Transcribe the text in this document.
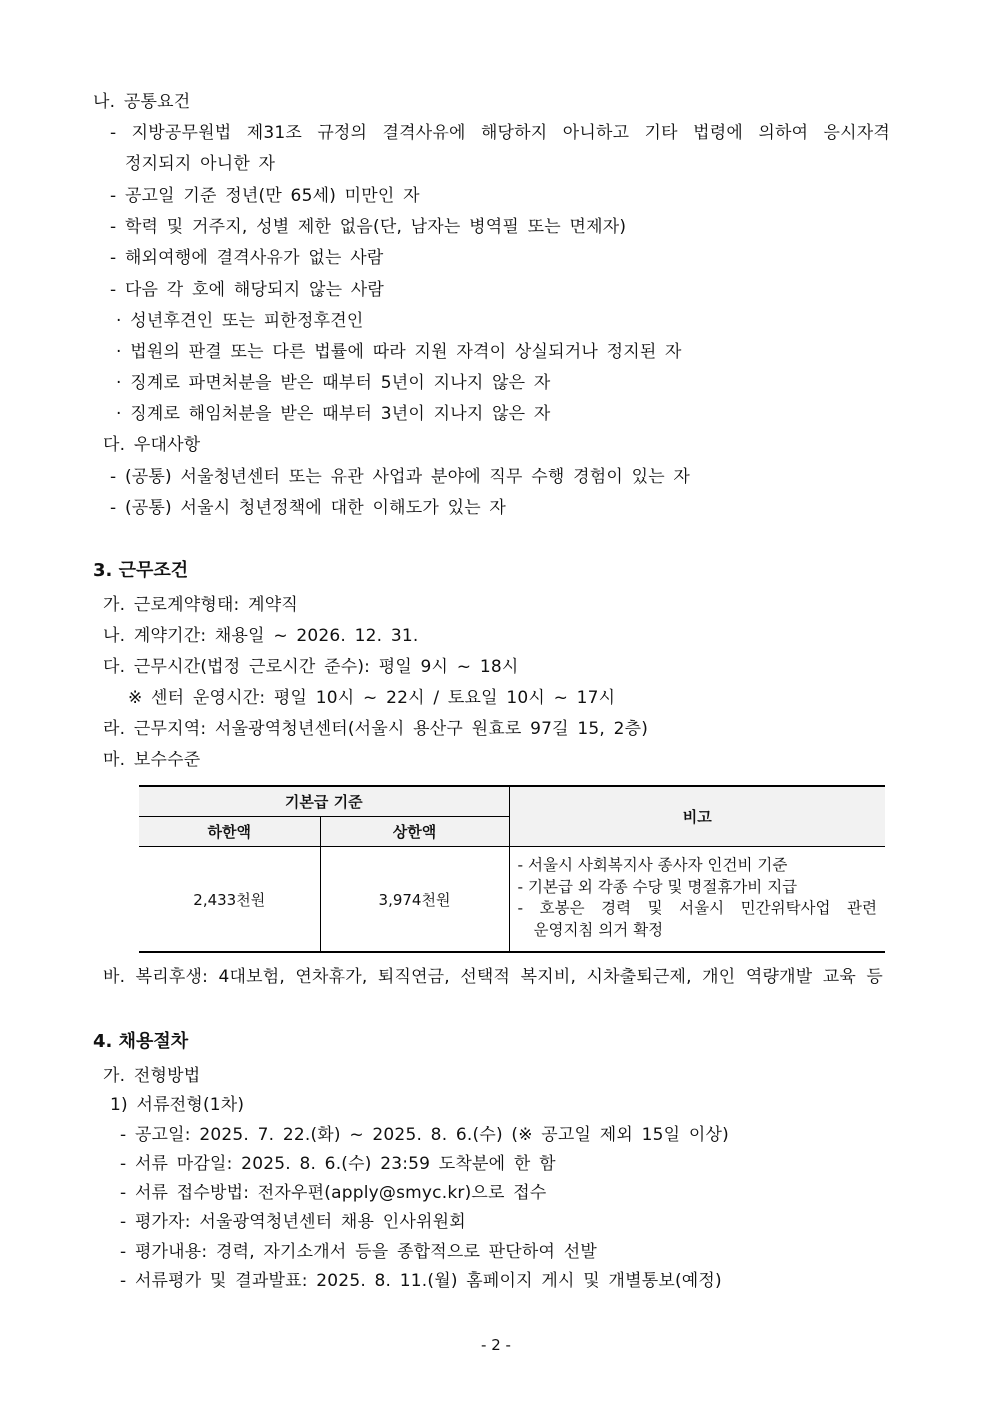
나. 공통요건
- 지방공무원법 제31조 규정의 결격사유에 해당하지 아니하고 기타 법령에 의하여 응시자격
정지되지 아니한 자
- 공고일 기준 정년(만 65세) 미만인 자
- 학력 및 거주지, 성별 제한 없음(단, 남자는 병역필 또는 면제자)
- 해외여행에 결격사유가 없는 사람
- 다음 각 호에 해당되지 않는 사람
· 성년후견인 또는 피한정후견인
· 법원의 판결 또는 다른 법률에 따라 지원 자격이 상실되거나 정지된 자
· 징계로 파면처분을 받은 때부터 5년이 지나지 않은 자
· 징계로 해임처분을 받은 때부터 3년이 지나지 않은 자
다. 우대사항
- (공통) 서울청년센터 또는 유관 사업과 분야에 직무 수행 경험이 있는 자
- (공통) 서울시 청년정책에 대한 이해도가 있는 자
3. 근무조건
가. 근로계약형태: 계약직
나. 계약기간: 채용일 ~ 2026. 12. 31.
다. 근무시간(법정 근로시간 준수): 평일 9시 ~ 18시
※ 센터 운영시간: 평일 10시 ~ 22시 / 토요일 10시 ~ 17시
라. 근무지역: 서울광역청년센터(서울시 용산구 원효로 97길 15, 2층)
마. 보수수준
기본급 기준		비고
하한액	상한액	
2,433천원	3,974천원	- 서울시 사회복지사 종사자 인건비 기준
- 기본급 외 각종 수당 및 명절휴가비 지급
- 호봉은 경력 및 서울시 민간위탁사업 관련
운영지침 의거 확정
바. 복리후생: 4대보험, 연차휴가, 퇴직연금, 선택적 복지비, 시차출퇴근제, 개인 역량개발 교육 등
4. 채용절차
가. 전형방법
1) 서류전형(1차)
- 공고일: 2025. 7. 22.(화) ~ 2025. 8. 6.(수) (※ 공고일 제외 15일 이상)
- 서류 마감일: 2025. 8. 6.(수) 23:59 도착분에 한 함
- 서류 접수방법: 전자우편(apply@smyc.kr)으로 접수
- 평가자: 서울광역청년센터 채용 인사위원회
- 평가내용: 경력, 자기소개서 등을 종합적으로 판단하여 선발
- 서류평가 및 결과발표: 2025. 8. 11.(월) 홈페이지 게시 및 개별통보(예정)
- 2 -
